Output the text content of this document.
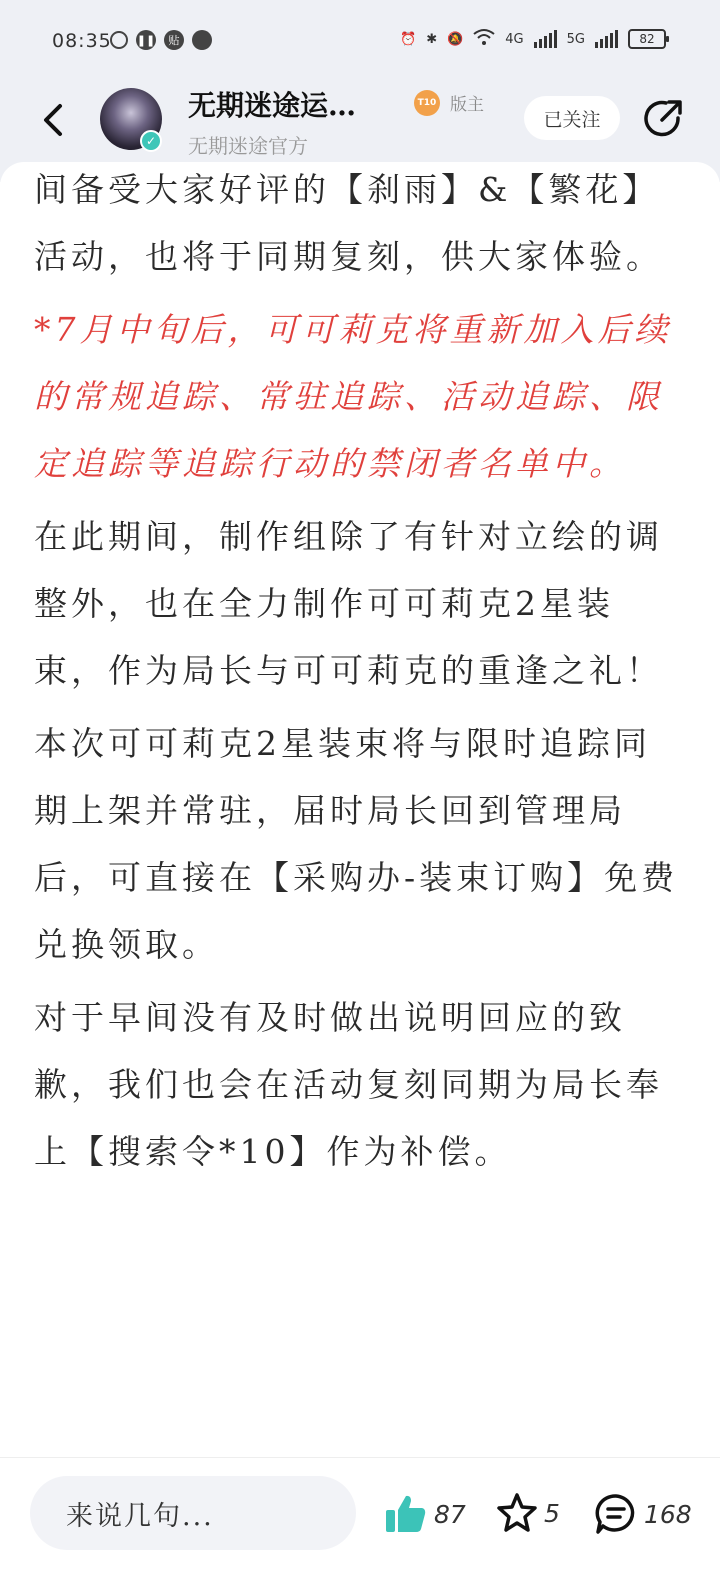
08:35 ❚❚	贴	⏰ ✱ 🔕	4G	5G	82
✓
无期迷途运…	T10 版主
无期迷途官方
已关注

间备受大家好评的【刹雨】&【繁花】活动，也将于同期复刻，供大家体验。

*7月中旬后，可可莉克将重新加入后续的常规追踪、常驻追踪、活动追踪、限定追踪等追踪行动的禁闭者名单中。

在此期间，制作组除了有针对立绘的调整外，也在全力制作可可莉克2星装束，作为局长与可可莉克的重逢之礼！

本次可可莉克2星装束将与限时追踪同期上架并常驻，届时局长回到管理局后，可直接在【采购办-装束订购】免费兑换领取。

对于早间没有及时做出说明回应的致歉，我们也会在活动复刻同期为局长奉上【搜索令*10】作为补偿。

来说几句...	87	5	168
